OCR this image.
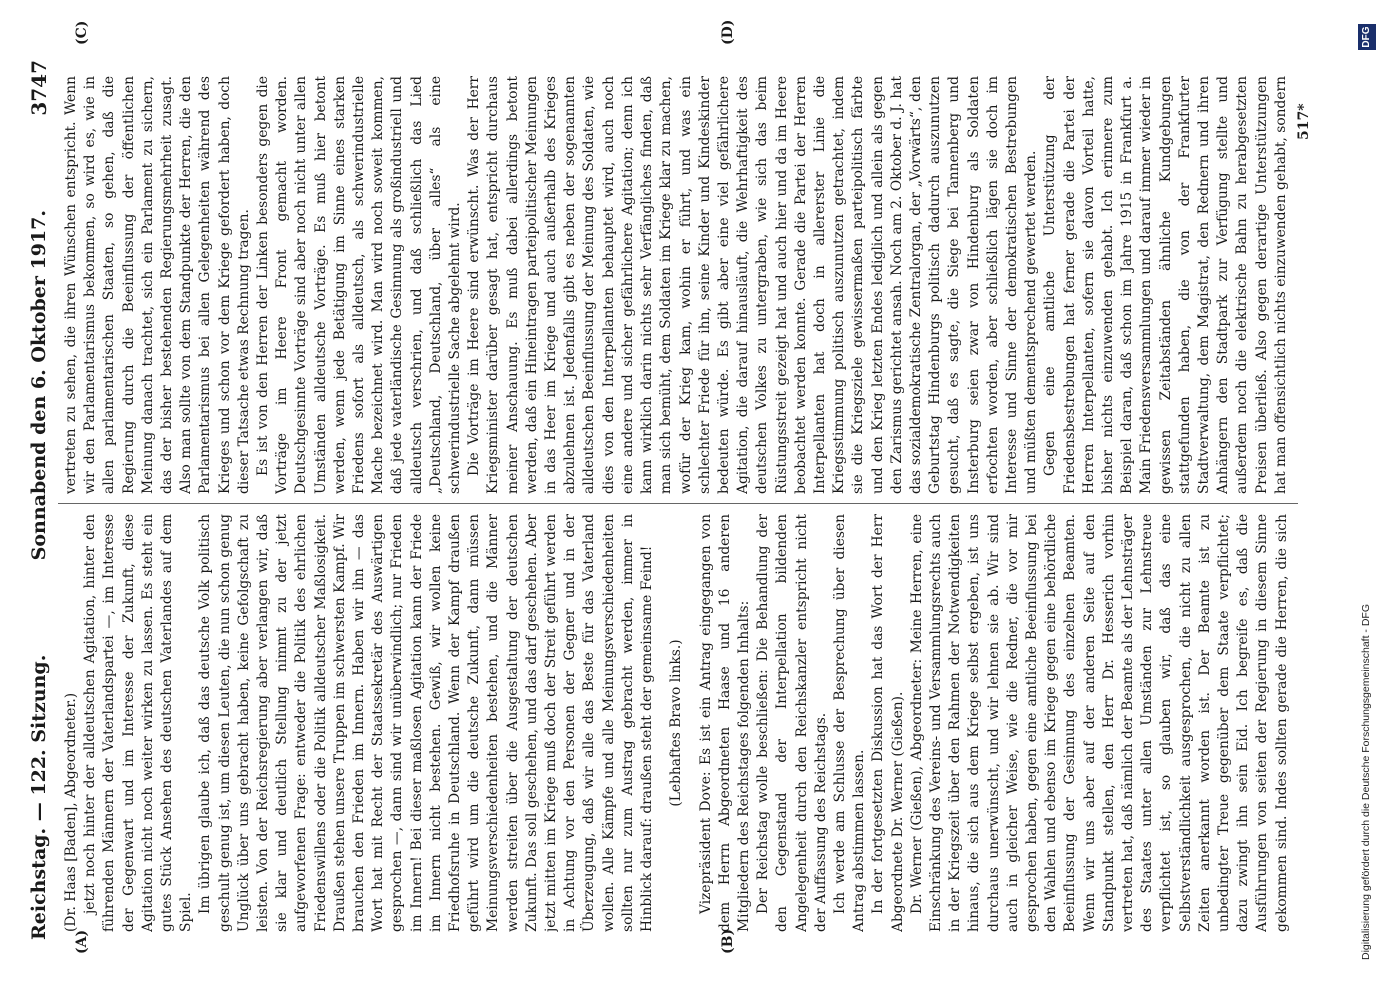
Reichstag. — 122. Sitzung.
Sonnabend den 6. Oktober 1917.
3747
(A)	(B)
(C)	(D)

(Dr. Haas [Baden], Abgeordneter.) jetzt noch hinter der alldeutschen Agitation, hinter den führenden Männern der Vaterlandspartei —, im Interesse der Gegenwart und im Interesse der Zukunft, diese Agitation nicht noch weiter wirken zu lassen. Es steht ein gutes Stück Ansehen des deutschen Vaterlandes auf dem Spiel. Im übrigen glaube ich, daß das deutsche Volk politisch geschult genug ist, um diesen Leuten, die nun schon genug Unglück über uns gebracht haben, keine Gefolgschaft zu leisten. Von der Reichsregierung aber verlangen wir, daß sie klar und deutlich Stellung nimmt zu der jetzt aufgeworfenen Frage: entweder die Politik des ehrlichen Friedenswillens oder die Politik alldeutscher Maßlosigkeit. Draußen stehen unsere Truppen im schwersten Kampf. Wir brauchen den Frieden im Innern. Haben wir ihn — das Wort hat mit Recht der Staatssekretär des Auswärtigen gesprochen —, dann sind wir unüberwindlich; nur Frieden im Innern! Bei dieser maßlosen Agitation kann der Friede im Innern nicht bestehen. Gewiß, wir wollen keine Friedhofsruhe in Deutschland. Wenn der Kampf draußen geführt wird um die deutsche Zukunft, dann müssen Meinungsverschiedenheiten bestehen, und die Männer werden streiten über die Ausgestaltung der deutschen Zukunft. Das soll geschehen, und das darf geschehen. Aber jetzt mitten im Kriege muß doch der Streit geführt werden in Achtung vor den Personen der Gegner und in der Überzeugung, daß wir alle das Beste für das Vaterland wollen. Alle Kämpfe und alle Meinungsverschiedenheiten sollten nur zum Austrag gebracht werden, immer in Hinblick darauf: draußen steht der gemeinsame Feind! (Lebhaftes Bravo links.) Vizepräsident Dove: Es ist ein Antrag eingegangen von dem Herrn Abgeordneten Haase und 16 anderen Mitgliedern des Reichstages folgenden Inhalts: Der Reichstag wolle beschließen: Die Behandlung der den Gegenstand der Interpellation bildenden Angelegenheit durch den Reichskanzler entspricht nicht der Auffassung des Reichstags. Ich werde am Schlusse der Besprechung über diesen Antrag abstimmen lassen. In der fortgesetzten Diskussion hat das Wort der Herr Abgeordnete Dr. Werner (Gießen). Dr. Werner (Gießen), Abgeordneter: Meine Herren, eine Einschränkung des Vereins- und Versammlungsrechts auch in der Kriegszeit über den Rahmen der Notwendigkeiten hinaus, die sich aus dem Kriege selbst ergeben, ist uns durchaus unerwünscht, und wir lehnen sie ab. Wir sind auch in gleicher Weise, wie die Redner, die vor mir gesprochen haben, gegen eine amtliche Beeinflussung bei den Wahlen und ebenso im Kriege gegen eine behördliche Beeinflussung der Gesinnung des einzelnen Beamten. Wenn wir uns aber auf der anderen Seite auf den Standpunkt stellen, den Herr Dr. Hesserich vorhin vertreten hat, daß nämlich der Beamte als der Lehnsträger des Staates unter allen Umständen zur Lehnstreue verpflichtet ist, so glauben wir, daß das eine Selbstverständlichkeit ausgesprochen, die nicht zu allen Zeiten anerkannt worden ist. Der Beamte ist zu unbedingter Treue gegenüber dem Staate verpflichtet; dazu zwingt ihn sein Eid. Ich begreife es, daß die Ausführungen von seiten der Regierung in diesem Sinne gekommen sind. Indes sollten gerade die Herren, die sich

vertreten zu sehen, die ihren Wünschen entspricht. Wenn wir den Parlamentarismus bekommen, so wird es, wie in allen parlamentarischen Staaten, so gehen, daß die Regierung durch die Beeinflussung der öffentlichen Meinung danach trachtet, sich ein Parlament zu sichern, das der bisher bestehenden Regierungsmehrheit zusagt. Also man sollte von dem Standpunkte der Herren, die den Parlamentarismus bei allen Gelegenheiten während des Krieges und schon vor dem Kriege gefordert haben, doch dieser Tatsache etwas Rechnung tragen. Es ist von den Herren der Linken besonders gegen die Vorträge im Heere Front gemacht worden. Deutschgesinnte Vorträge sind aber noch nicht unter allen Umständen alldeutsche Vorträge. Es muß hier betont werden, wenn jede Betätigung im Sinne eines starken Friedens sofort als alldeutsch, als schwerindustrielle Mache bezeichnet wird. Man wird noch soweit kommen, daß jede vaterländische Gesinnung als großindustriell und alldeutsch verschrien, und daß schließlich das Lied „Deutschland, Deutschland, über alles“ als eine schwerindustrielle Sache abgelehnt wird. Die Vorträge im Heere sind erwünscht. Was der Herr Kriegsminister darüber gesagt hat, entspricht durchaus meiner Anschauung. Es muß dabei allerdings betont werden, daß ein Hineintragen parteipolitischer Meinungen in das Heer im Kriege und auch außerhalb des Krieges abzulehnen ist. Jedenfalls gibt es neben der sogenannten alldeutschen Beeinflussung der Meinung des Soldaten, wie dies von den Interpellanten behauptet wird, auch noch eine andere und sicher gefährlichere Agitation; denn ich kann wirklich darin nichts sehr Verfängliches finden, daß man sich bemüht, dem Soldaten im Kriege klar zu machen, wofür der Krieg kam, wohin er führt, und was ein schlechter Friede für ihn, seine Kinder und Kindeskinder bedeuten würde. Es gibt aber eine viel gefährlichere Agitation, die darauf hinausläuft, die Wehrhaftigkeit des deutschen Volkes zu untergraben, wie sich das beim Rüstungsstreit gezeigt hat und auch hier und da im Heere beobachtet werden konnte. Gerade die Partei der Herren Interpellanten hat doch in allererster Linie die Kriegsstimmung politisch auszunutzen getrachtet, indem sie die Kriegsziele gewissermaßen parteipolitisch färbte und den Krieg letzten Endes lediglich und allein als gegen den Zarismus gerichtet ansah. Noch am 2. Oktober d. J. hat das sozialdemokratische Zentralorgan, der „Vorwärts“, den Geburtstag Hindenburgs politisch dadurch auszunutzen gesucht, daß es sagte, die Siege bei Tannenberg und Insterburg seien zwar von Hindenburg als Soldaten erfochten worden, aber schließlich lägen sie doch im Interesse und Sinne der demokratischen Bestrebungen und müßten dementsprechend gewertet werden. Gegen eine amtliche Unterstützung der Friedensbestrebungen hat ferner gerade die Partei der Herren Interpellanten, sofern sie davon Vorteil hatte, bisher nichts einzuwenden gehabt. Ich erinnere zum Beispiel daran, daß schon im Jahre 1915 in Frankfurt a. Main Friedensversammlungen und darauf immer wieder in gewissen Zeitabständen ähnliche Kundgebungen stattgefunden haben, die von der Frankfurter Stadtverwaltung, dem Magistrat, den Rednern und ihren Anhängern den Stadtpark zur Verfügung stellte und außerdem noch die elektrische Bahn zu herabgesetzten Preisen überließ. Also gegen derartige Unterstützungen hat man offensichtlich nichts einzuwenden gehabt, sondern 517*
Digitalisierung gefördert durch die Deutsche Forschungsgemeinschaft - DFG
DFG
